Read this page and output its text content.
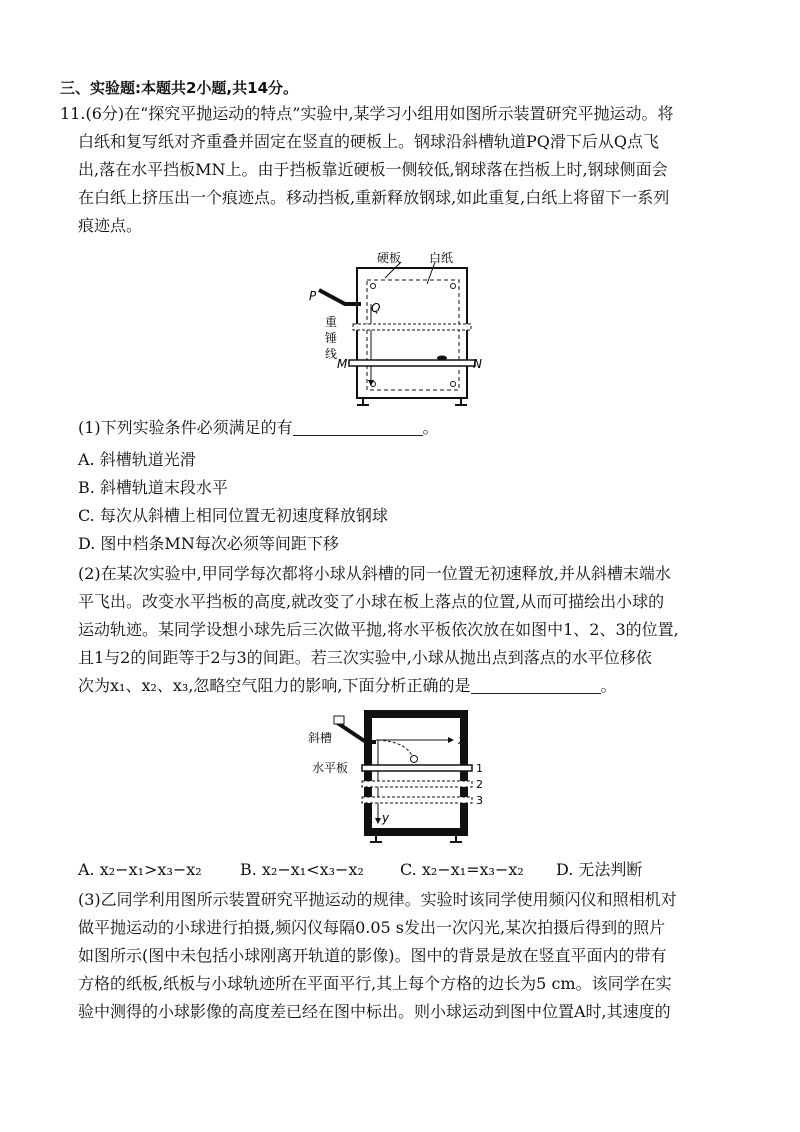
三、实验题:本题共2小题,共14分。
11.(6分)在“探究平抛运动的特点”实验中,某学习小组用如图所示装置研究平抛运动。将
白纸和复写纸对齐重叠并固定在竖直的硬板上。钢球沿斜槽轨道PQ滑下后从Q点飞
出,落在水平挡板MN上。由于挡板靠近硬板一侧较低,钢球落在挡板上时,钢球侧面会
在白纸上挤压出一个痕迹点。移动挡板,重新释放钢球,如此重复,白纸上将留下一系列
痕迹点。
硬板 白纸
P
Q
重
锤
线
M	N
(1)下列实验条件必须满足的有	。
A. 斜槽轨道光滑
B. 斜槽轨道末段水平
C. 每次从斜槽上相同位置无初速度释放钢球
D. 图中档条MN每次必须等间距下移
(2)在某次实验中,甲同学每次都将小球从斜槽的同一位置无初速释放,并从斜槽末端水
平飞出。改变水平挡板的高度,就改变了小球在板上落点的位置,从而可描绘出小球的
运动轨迹。某同学设想小球先后三次做平抛,将水平板依次放在如图中1、2、3的位置,
且1与2的间距等于2与3的间距。若三次实验中,小球从抛出点到落点的水平位移依
次为x₁、x₂、x₃,忽略空气阻力的影响,下面分析正确的是	。
斜槽
水平板
x
y
1
2
3
A. x₂−x₁>x₃−x₂ B. x₂−x₁<x₃−x₂ C. x₂−x₁=x₃−x₂ D. 无法判断
(3)乙同学利用图所示装置研究平抛运动的规律。实验时该同学使用频闪仪和照相机对
做平抛运动的小球进行拍摄,频闪仪每隔0.05 s发出一次闪光,某次拍摄后得到的照片
如图所示(图中未包括小球刚离开轨道的影像)。图中的背景是放在竖直平面内的带有
方格的纸板,纸板与小球轨迹所在平面平行,其上每个方格的边长为5 cm。该同学在实
验中测得的小球影像的高度差已经在图中标出。则小球运动到图中位置A时,其速度的
